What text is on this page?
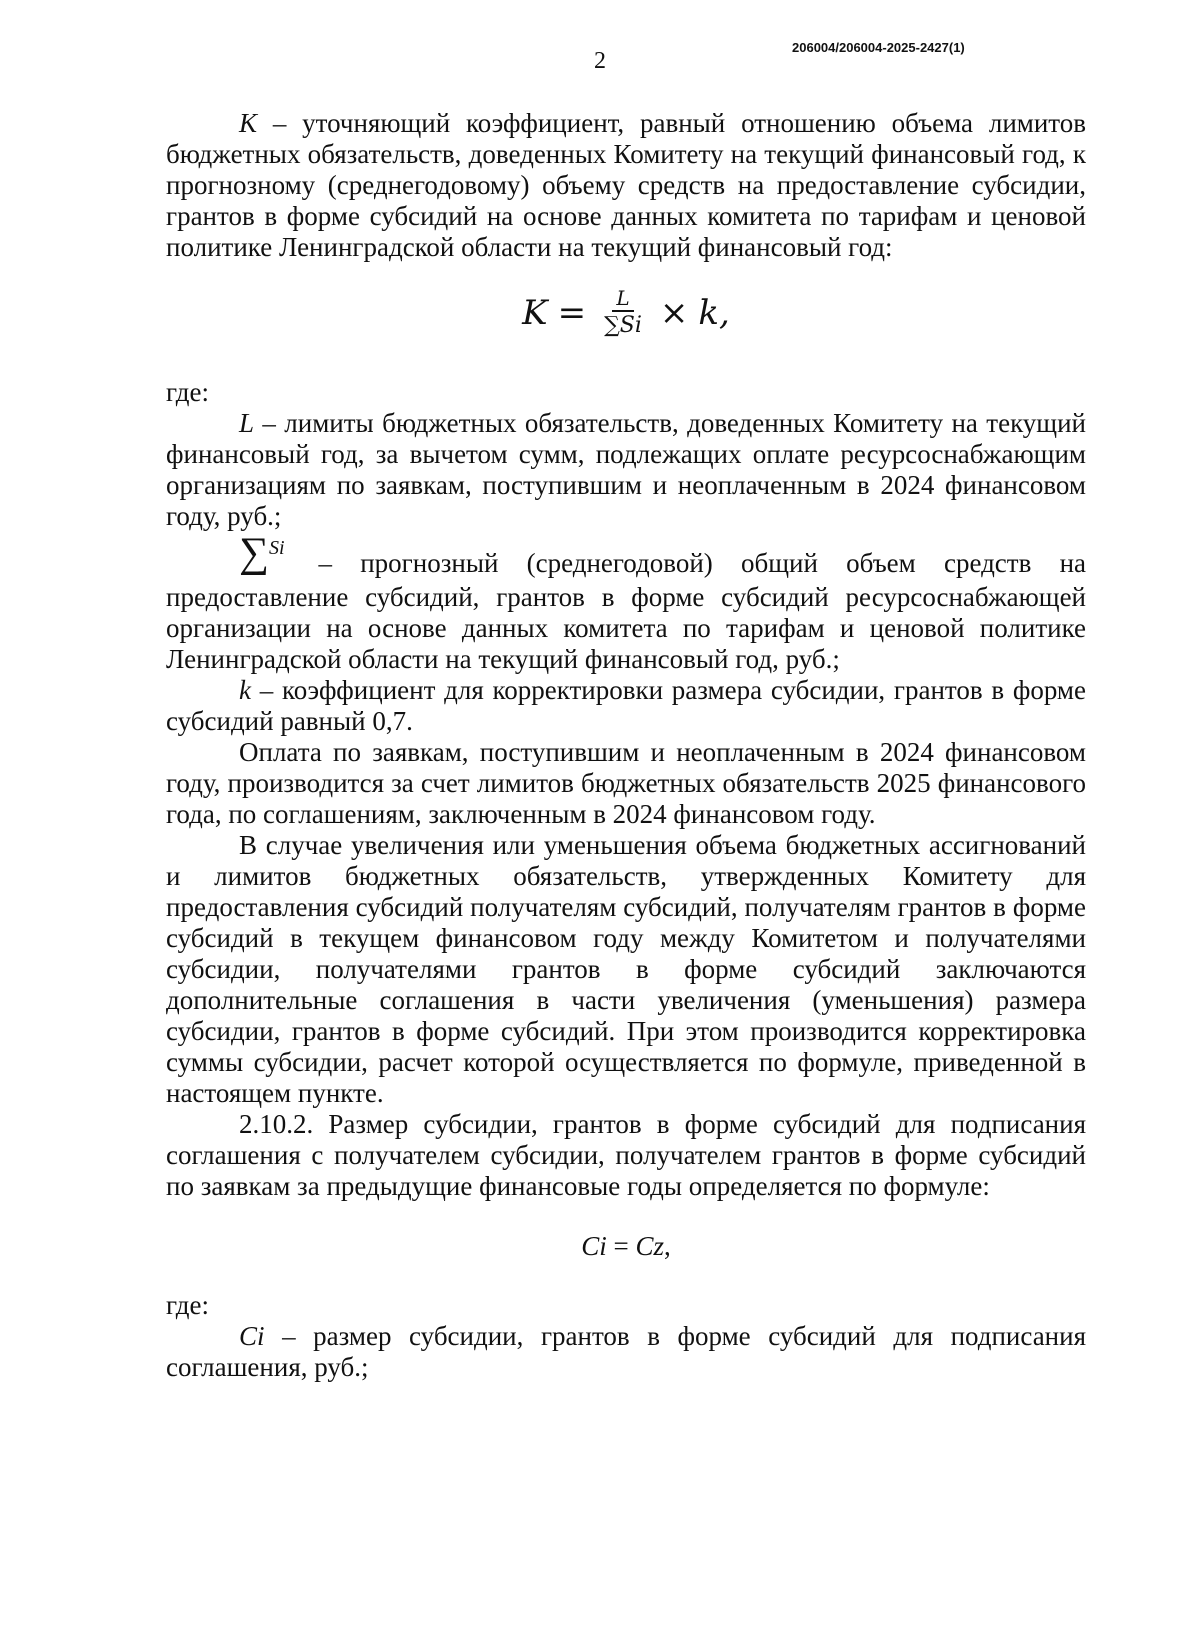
2
206004/206004-2025-2427(1)

K – уточняющий коэффициент, равный отношению объема лимитов бюджетных обязательств, доведенных Комитету на текущий финансовый год, к прогнозному (среднегодовому) объему средств на предоставление субсидии, грантов в форме субсидий на основе данных комитета по тарифам и ценовой политике Ленинградской области на текущий финансовый год:

$K = \frac{L}{\sum Si} \times k$,

где:

L – лимиты бюджетных обязательств, доведенных Комитету на текущий финансовый год, за вычетом сумм, подлежащих оплате ресурсоснабжающим организациям по заявкам, поступившим и неоплаченным в 2024 финансовом году, руб.;

∑$^{Si}$ – прогнозный (среднегодовой) общий объем средств на предоставление субсидий, грантов в форме субсидий ресурсоснабжающей организации на основе данных комитета по тарифам и ценовой политике Ленинградской области на текущий финансовый год, руб.;

k – коэффициент для корректировки размера субсидии, грантов в форме субсидий равный 0,7.

Оплата по заявкам, поступившим и неоплаченным в 2024 финансовом году, производится за счет лимитов бюджетных обязательств 2025 финансового года, по соглашениям, заключенным в 2024 финансовом году.

В случае увеличения или уменьшения объема бюджетных ассигнований и лимитов бюджетных обязательств, утвержденных Комитету для предоставления субсидий получателям субсидий, получателям грантов в форме субсидий в текущем финансовом году между Комитетом и получателями субсидии, получателями грантов в форме субсидий заключаются дополнительные соглашения в части увеличения (уменьшения) размера субсидии, грантов в форме субсидий. При этом производится корректировка суммы субсидии, расчет которой осуществляется по формуле, приведенной в настоящем пункте.

2.10.2. Размер субсидии, грантов в форме субсидий для подписания соглашения с получателем субсидии, получателем грантов в форме субсидий по заявкам за предыдущие финансовые годы определяется по формуле:

Ci = Cz ,

где:

Ci – размер субсидии, грантов в форме субсидий для подписания соглашения, руб.;
